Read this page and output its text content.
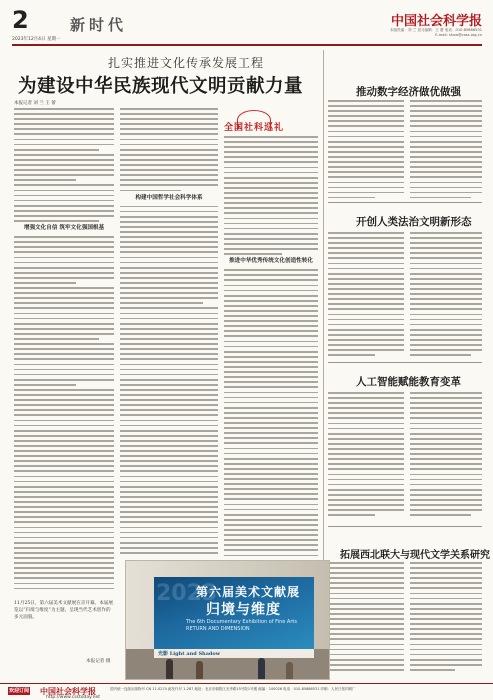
2	新时代
2023年12月4日 星期一
中国社会科学报
本版责编：刘 兰 见习编辑：王 蕾 电话：010-85886531
E-mail: shxw@cass.org.cn
扎实推进文化传承发展工程
为建设中华民族现代文明贡献力量
本报记者 刘 兰 王 蕾
全国社科巡礼
增强文化自信 筑牢文化强国根基
构建中国哲学社会科学体系
推进中华优秀传统文化创造性转化
推动数字经济做优做强
开创人类法治文明新形态
人工智能赋能教育变革
拓展西北联大与现代文学关系研究
11月25日，第六届美术文献展在京开幕。本届展览以“归境与维度”为主题，呈现当代艺术创作的多元面貌。
本报记者 摄
2023
第六届美术文献展
归境与维度
The 6th Documentary Exhibition of Fine Arts
RETURN AND DIMENSION
光影 Light and Shadow
欢迎订阅 中国社会科学报
http://www.csstoday.net
国内统一连续出版物号 CN 11-0274 邮发代号 1-287 地址：北京市朝阳区光华路15号院1号楼 邮编：100026 电话：010-85886531 印刷：人民日报印刷厂
